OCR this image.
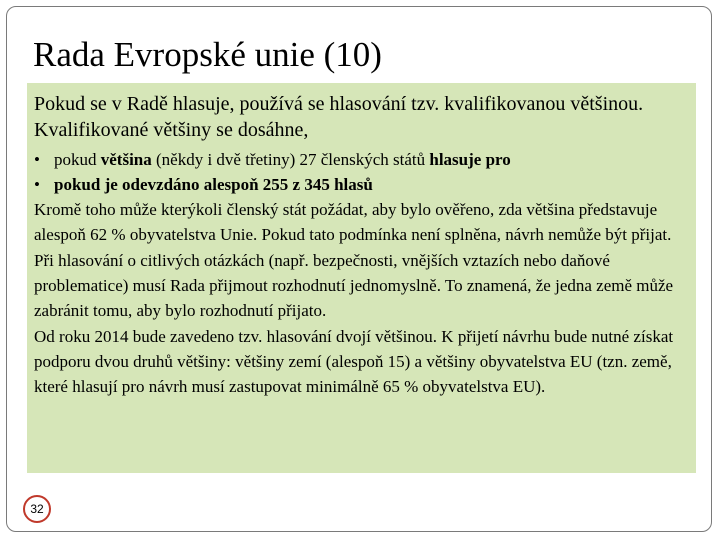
Rada Evropské unie (10)

Pokud se v Radě hlasuje, používá se hlasování tzv. kvalifikovanou většinou. Kvalifikované většiny se dosáhne,

• pokud většina (někdy i dvě třetiny) 27 členských států hlasuje pro
• pokud je odevzdáno alespoň 255 z 345 hlasů

Kromě toho může kterýkoli členský stát požádat, aby bylo ověřeno, zda většina představuje alespoň 62 % obyvatelstva Unie. Pokud tato podmínka není splněna, návrh nemůže být přijat.

Při hlasování o citlivých otázkách (např. bezpečnosti, vnějších vztazích nebo daňové problematice) musí Rada přijmout rozhodnutí jednomyslně. To znamená, že jedna země může zabránit tomu, aby bylo rozhodnutí přijato.

Od roku 2014 bude zavedeno tzv. hlasování dvojí většinou. K přijetí návrhu bude nutné získat podporu dvou druhů většiny: většiny zemí (alespoň 15) a většiny obyvatelstva EU (tzn. země, které hlasují pro návrh musí zastupovat minimálně 65 % obyvatelstva EU).

32
